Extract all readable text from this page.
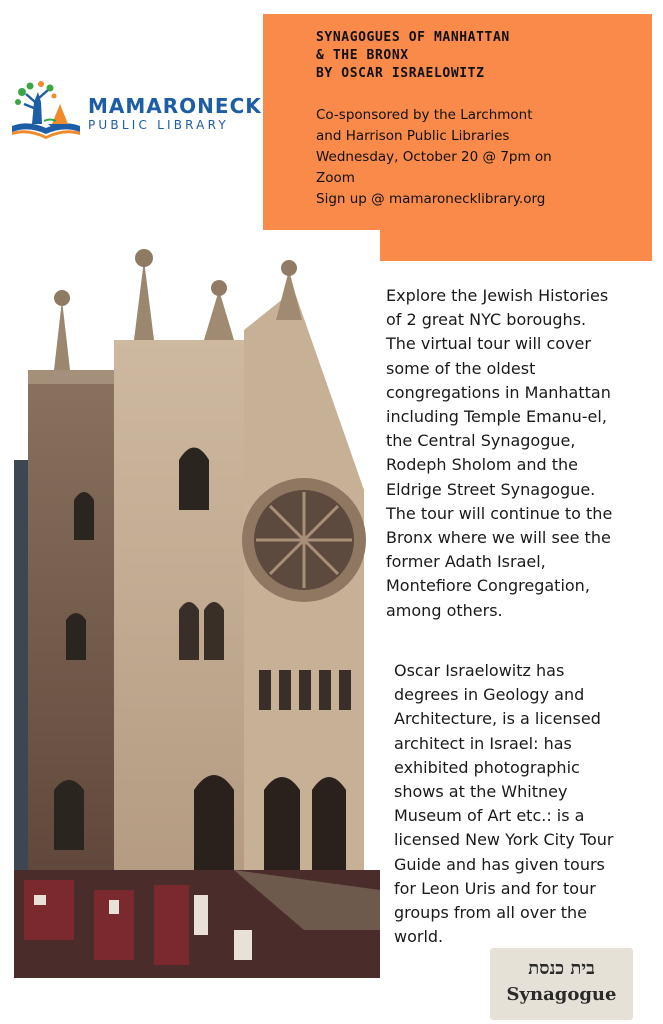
MAMARONECK
PUBLIC LIBRARY
SYNAGOGUES OF MANHATTAN
& THE BRONX
BY OSCAR ISRAELOWITZ
Co-sponsored by the Larchmont
and Harrison Public Libraries
Wednesday, October 20 @ 7pm on
Zoom
Sign up @ mamaronecklibrary.org
Explore the Jewish Histories
of 2 great NYC boroughs.
The virtual tour will cover
some of the oldest
congregations in Manhattan
including Temple Emanu-el,
the Central Synagogue,
Rodeph Sholom and the
Eldrige Street Synagogue.
The tour will continue to the
Bronx where we will see the
former Adath Israel,
Montefiore Congregation,
among others.
Oscar Israelowitz has
degrees in Geology and
Architecture, is a licensed
architect in Israel: has
exhibited photographic
shows at the Whitney
Museum of Art etc.: is a
licensed New York City Tour
Guide and has given tours
for Leon Uris and for tour
groups from all over the
world.
בית כנסת
Synagogue
